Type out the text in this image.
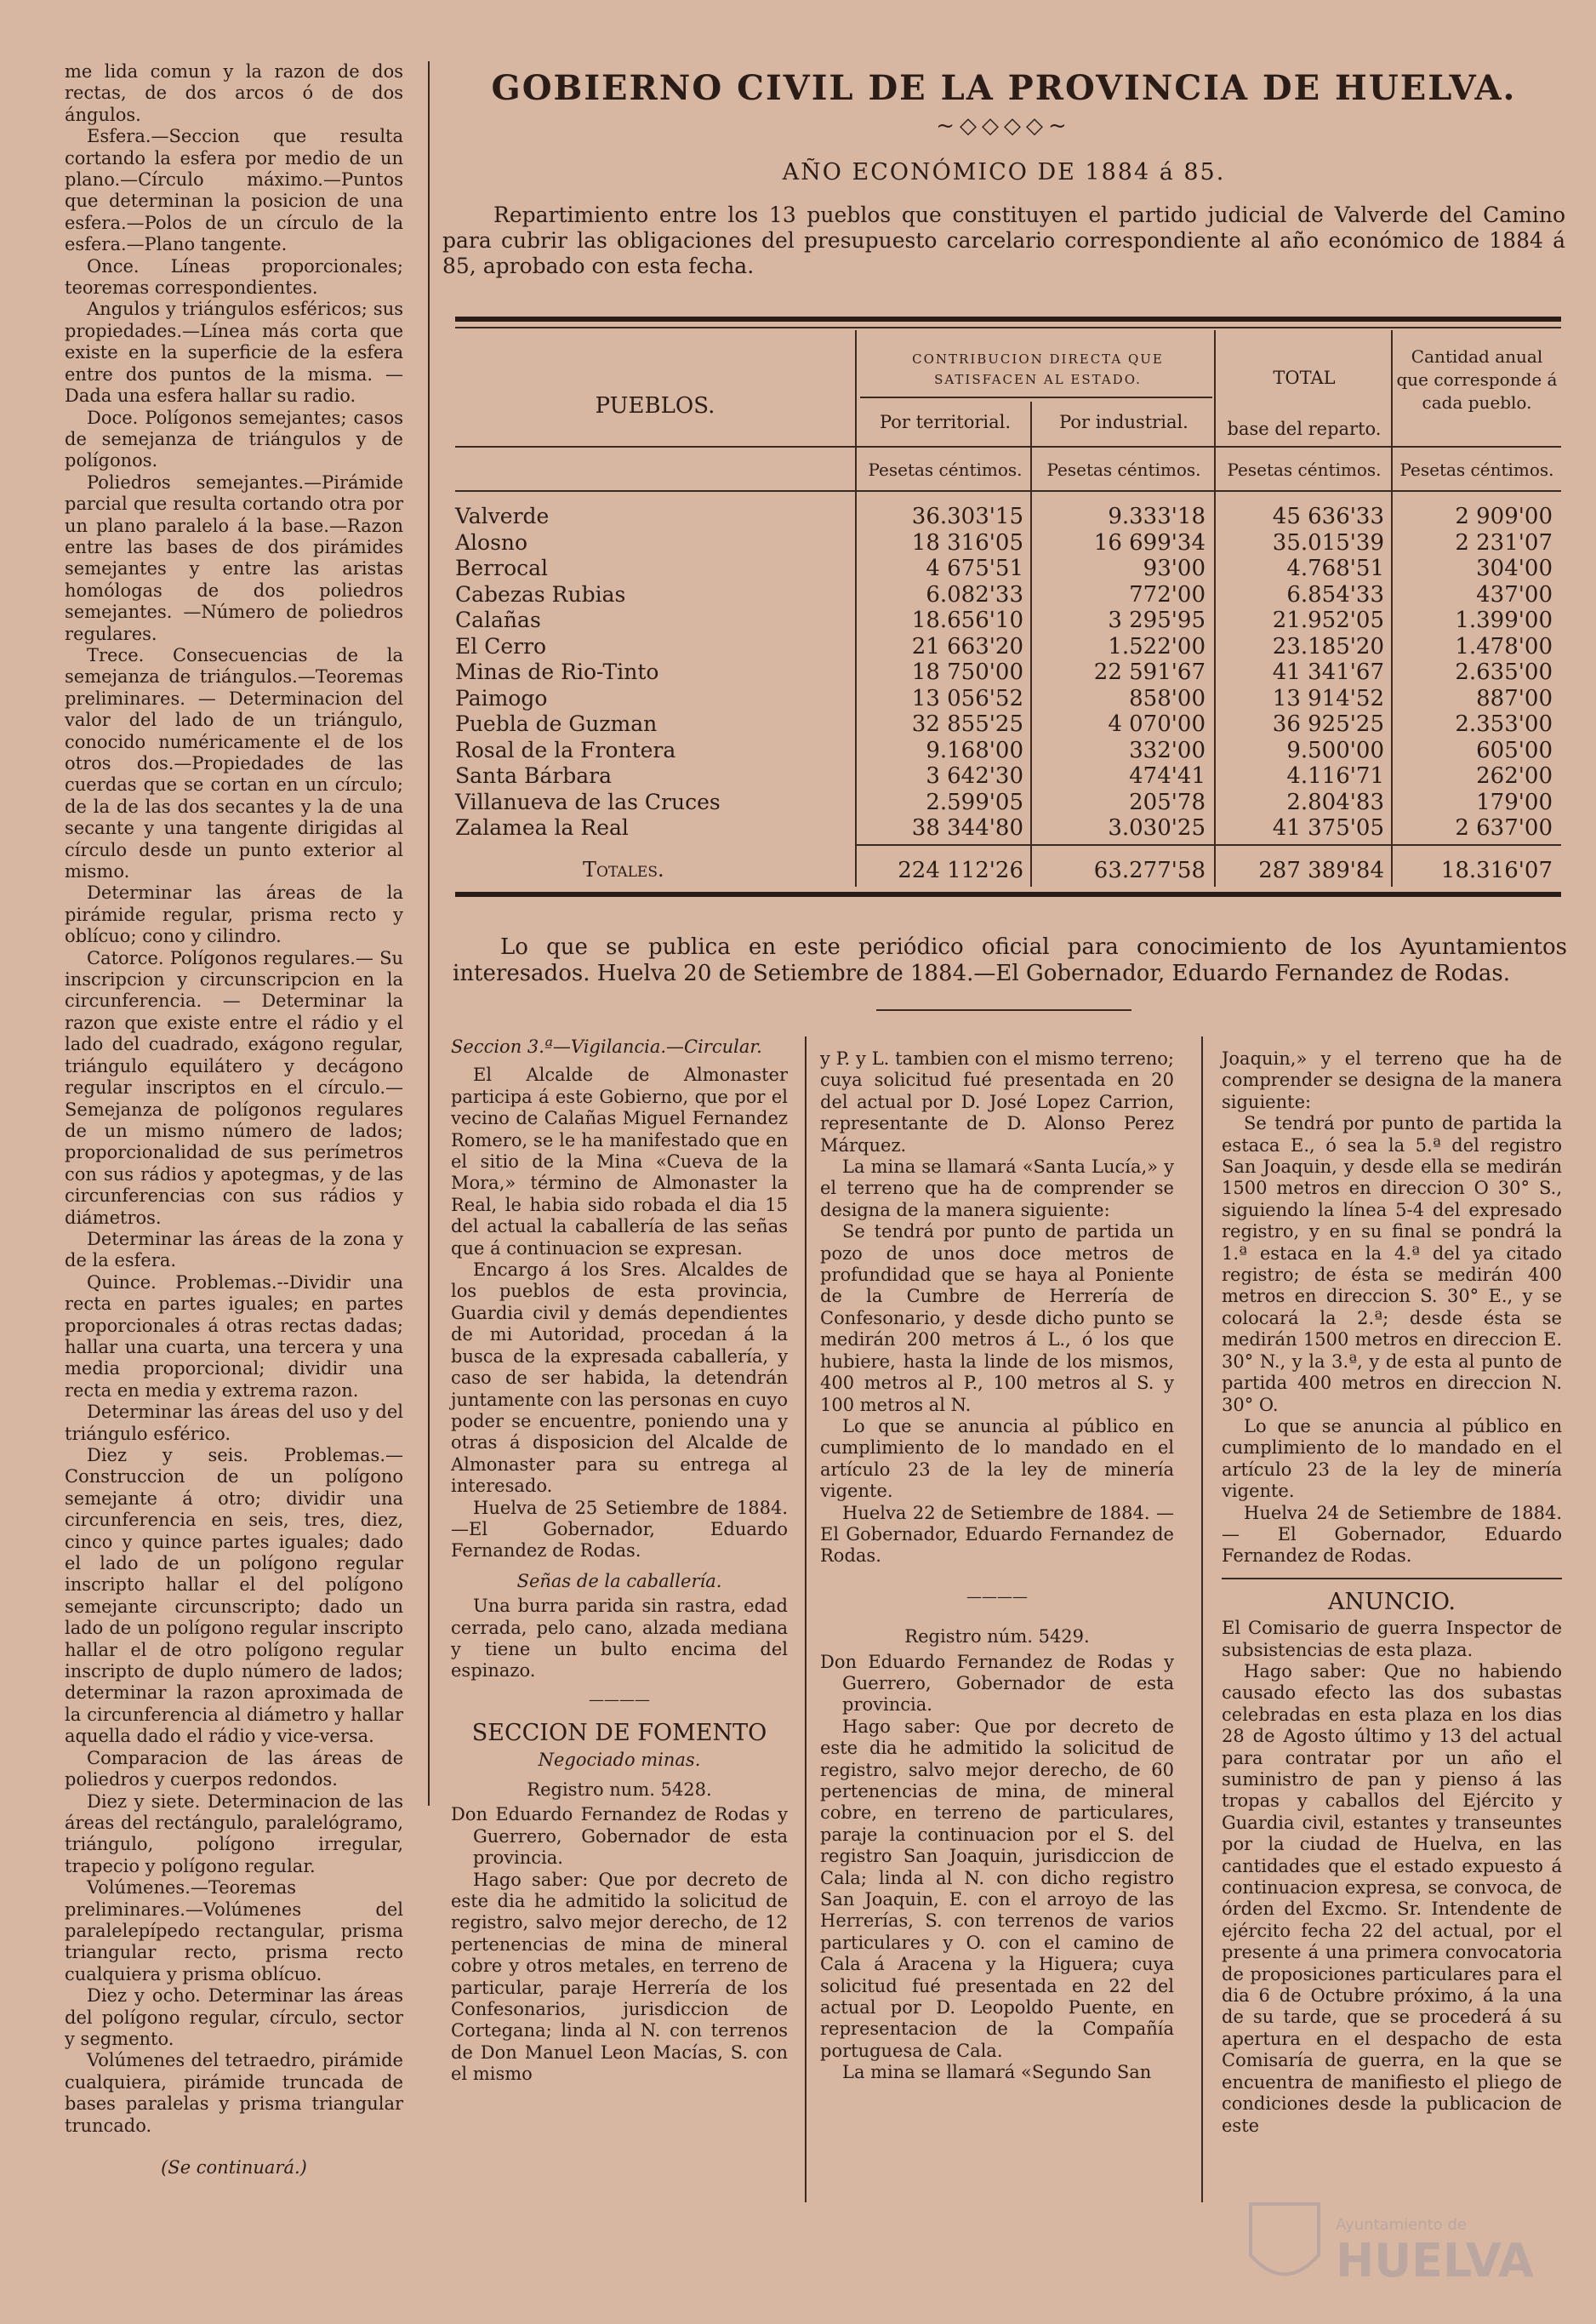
me lida comun y la razon de dos rectas, de dos arcos ó de dos ángulos.

Esfera.—Seccion que resulta cortando la esfera por medio de un plano.—Círculo máximo.—Puntos que determinan la posicion de una esfera.—Polos de un círculo de la esfera.—Plano tangente.

Once. Líneas proporcionales; teoremas correspondientes.

Angulos y triángulos esféricos; sus propiedades.—Línea más corta que existe en la superficie de la esfera entre dos puntos de la misma. —Dada una esfera hallar su radio.

Doce. Polígonos semejantes; casos de semejanza de triángulos y de polígonos.

Poliedros semejantes.—Pirámide parcial que resulta cortando otra por un plano paralelo á la base.—Razon entre las bases de dos pirámides semejantes y entre las aristas homólogas de dos poliedros semejantes. —Número de poliedros regulares.

Trece. Consecuencias de la semejanza de triángulos.—Teoremas preliminares. — Determinacion del valor del lado de un triángulo, conocido numéricamente el de los otros dos.—Propiedades de las cuerdas que se cortan en un círculo; de la de las dos secantes y la de una secante y una tangente dirigidas al círculo desde un punto exterior al mismo.

Determinar las áreas de la pirámide regular, prisma recto y oblícuo; cono y cilindro.

Catorce. Polígonos regulares.— Su inscripcion y circunscripcion en la circunferencia. — Determinar la razon que existe entre el rádio y el lado del cuadrado, exágono regular, triángulo equilátero y decágono regular inscriptos en el círculo.—Semejanza de polígonos regulares de un mismo número de lados; proporcionalidad de sus perímetros con sus rádios y apotegmas, y de las circunferencias con sus rádios y diámetros.

Determinar las áreas de la zona y de la esfera.

Quince. Problemas.--Dividir una recta en partes iguales; en partes proporcionales á otras rectas dadas; hallar una cuarta, una tercera y una media proporcional; dividir una recta en media y extrema razon.

Determinar las áreas del uso y del triángulo esférico.

Diez y seis. Problemas.—Construccion de un polígono semejante á otro; dividir una circunferencia en seis, tres, diez, cinco y quince partes iguales; dado el lado de un polígono regular inscripto hallar el del polígono semejante circunscripto; dado un lado de un polígono regular inscripto hallar el de otro polígono regular inscripto de duplo número de lados; determinar la razon aproximada de la circunferencia al diámetro y hallar aquella dado el rádio y vice-versa.

Comparacion de las áreas de poliedros y cuerpos redondos.

Diez y siete. Determinacion de las áreas del rectángulo, paralelógramo, triángulo, polígono irregular, trapecio y polígono regular.

Volúmenes.—Teoremas preliminares.—Volúmenes del paralelepípedo rectangular, prisma triangular recto, prisma recto cualquiera y prisma oblícuo.

Diez y ocho. Determinar las áreas del polígono regular, círculo, sector y segmento.

Volúmenes del tetraedro, pirámide cualquiera, pirámide truncada de bases paralelas y prisma triangular truncado.

(Se continuará.)

GOBIERNO CIVIL DE LA PROVINCIA DE HUELVA.
~◇◇◇◇~
AÑO ECONÓMICO DE 1884 á 85.
Repartimiento entre los 13 pueblos que constituyen el partido judicial de Valverde del Camino para cubrir las obligaciones del presupuesto carcelario correspondiente al año económico de 1884 á 85, aprobado con esta fecha.
PUEBLOS.
CONTRIBUCION DIRECTA QUE SATISFACEN AL ESTADO.
Por territorial.	Por industrial.
TOTAL
base del reparto.
Cantidad anual que corresponde á cada pueblo.
Pesetas céntimos.	Pesetas céntimos.	Pesetas céntimos.	Pesetas céntimos.
Valverde	36.303'15	9.333'18	45 636'33	2 909'00
Alosno	18 316'05	16 699'34	35.015'39	2 231'07
Berrocal	4 675'51	93'00	4.768'51	304'00
Cabezas Rubias	6.082'33	772'00	6.854'33	437'00
Calañas	18.656'10	3 295'95	21.952'05	1.399'00
El Cerro	21 663'20	1.522'00	23.185'20	1.478'00
Minas de Rio-Tinto	18 750'00	22 591'67	41 341'67	2.635'00
Paimogo	13 056'52	858'00	13 914'52	887'00
Puebla de Guzman	32 855'25	4 070'00	36 925'25	2.353'00
Rosal de la Frontera	9.168'00	332'00	9.500'00	605'00
Santa Bárbara	3 642'30	474'41	4.116'71	262'00
Villanueva de las Cruces	2.599'05	205'78	2.804'83	179'00
Zalamea la Real	38 344'80	3.030'25	41 375'05	2 637'00
Totales.	224 112'26	63.277'58	287 389'84	18.316'07
Lo que se publica en este periódico oficial para conocimiento de los Ayuntamientos interesados. Huelva 20 de Setiembre de 1884.—El Gobernador, Eduardo Fernandez de Rodas.

Seccion 3.ª—Vigilancia.—Circular.

El Alcalde de Almonaster participa á este Gobierno, que por el vecino de Calañas Miguel Fernandez Romero, se le ha manifestado que en el sitio de la Mina «Cueva de la Mora,» término de Almonaster la Real, le habia sido robada el dia 15 del actual la caballería de las señas que á continuacion se expresan.

Encargo á los Sres. Alcaldes de los pueblos de esta provincia, Guardia civil y demás dependientes de mi Autoridad, procedan á la busca de la expresada caballería, y caso de ser habida, la detendrán juntamente con las personas en cuyo poder se encuentre, poniendo una y otras á disposicion del Alcalde de Almonaster para su entrega al interesado.

Huelva de 25 Setiembre de 1884. —El Gobernador, Eduardo Fernandez de Rodas.

Señas de la caballería.

Una burra parida sin rastra, edad cerrada, pelo cano, alzada mediana y tiene un bulto encima del espinazo.

————
SECCION DE FOMENTO

Negociado minas.

Registro num. 5428.

Don Eduardo Fernandez de Rodas y Guerrero, Gobernador de esta provincia.

Hago saber: Que por decreto de este dia he admitido la solicitud de registro, salvo mejor derecho, de 12 pertenencias de mina de mineral cobre y otros metales, en terreno de particular, paraje Herrería de los Confesonarios, jurisdiccion de Cortegana; linda al N. con terrenos de Don Manuel Leon Macías, S. con el mismo

y P. y L. tambien con el mismo terreno; cuya solicitud fué presentada en 20 del actual por D. José Lopez Carrion, representante de D. Alonso Perez Márquez.

La mina se llamará «Santa Lucía,» y el terreno que ha de comprender se designa de la manera siguiente:

Se tendrá por punto de partida un pozo de unos doce metros de profundidad que se haya al Poniente de la Cumbre de Herrería de Confesonario, y desde dicho punto se medirán 200 metros á L., ó los que hubiere, hasta la linde de los mismos, 400 metros al P., 100 metros al S. y 100 metros al N.

Lo que se anuncia al público en cumplimiento de lo mandado en el artículo 23 de la ley de minería vigente.

Huelva 22 de Setiembre de 1884. — El Gobernador, Eduardo Fernandez de Rodas.

————

Registro núm. 5429.

Don Eduardo Fernandez de Rodas y Guerrero, Gobernador de esta provincia.

Hago saber: Que por decreto de este dia he admitido la solicitud de registro, salvo mejor derecho, de 60 pertenencias de mina, de mineral cobre, en terreno de particulares, paraje la continuacion por el S. del registro San Joaquin, jurisdiccion de Cala; linda al N. con dicho registro San Joaquin, E. con el arroyo de las Herrerías, S. con terrenos de varios particulares y O. con el camino de Cala á Aracena y la Higuera; cuya solicitud fué presentada en 22 del actual por D. Leopoldo Puente, en representacion de la Compañía portuguesa de Cala.

La mina se llamará «Segundo San

Joaquin,» y el terreno que ha de comprender se designa de la manera siguiente:

Se tendrá por punto de partida la estaca E., ó sea la 5.ª del registro San Joaquin, y desde ella se medirán 1500 metros en direccion O 30° S., siguiendo la línea 5-4 del expresado registro, y en su final se pondrá la 1.ª estaca en la 4.ª del ya citado registro; de ésta se medirán 400 metros en direccion S. 30° E., y se colocará la 2.ª; desde ésta se medirán 1500 metros en direccion E. 30° N., y la 3.ª, y de esta al punto de partida 400 metros en direccion N. 30° O.

Lo que se anuncia al público en cumplimiento de lo mandado en el artículo 23 de la ley de minería vigente.

Huelva 24 de Setiembre de 1884.— El Gobernador, Eduardo Fernandez de Rodas.

ANUNCIO.

El Comisario de guerra Inspector de subsistencias de esta plaza.

Hago saber: Que no habiendo causado efecto las dos subastas celebradas en esta plaza en los dias 28 de Agosto último y 13 del actual para contratar por un año el suministro de pan y pienso á las tropas y caballos del Ejército y Guardia civil, estantes y transeuntes por la ciudad de Huelva, en las cantidades que el estado expuesto á continuacion expresa, se convoca, de órden del Excmo. Sr. Intendente de ejército fecha 22 del actual, por el presente á una primera convocatoria de proposiciones particulares para el dia 6 de Octubre próximo, á la una de su tarde, que se procederá á su apertura en el despacho de esta Comisaría de guerra, en la que se encuentra de manifiesto el pliego de condiciones desde la publicacion de este

Ayuntamiento de
HUELVA
